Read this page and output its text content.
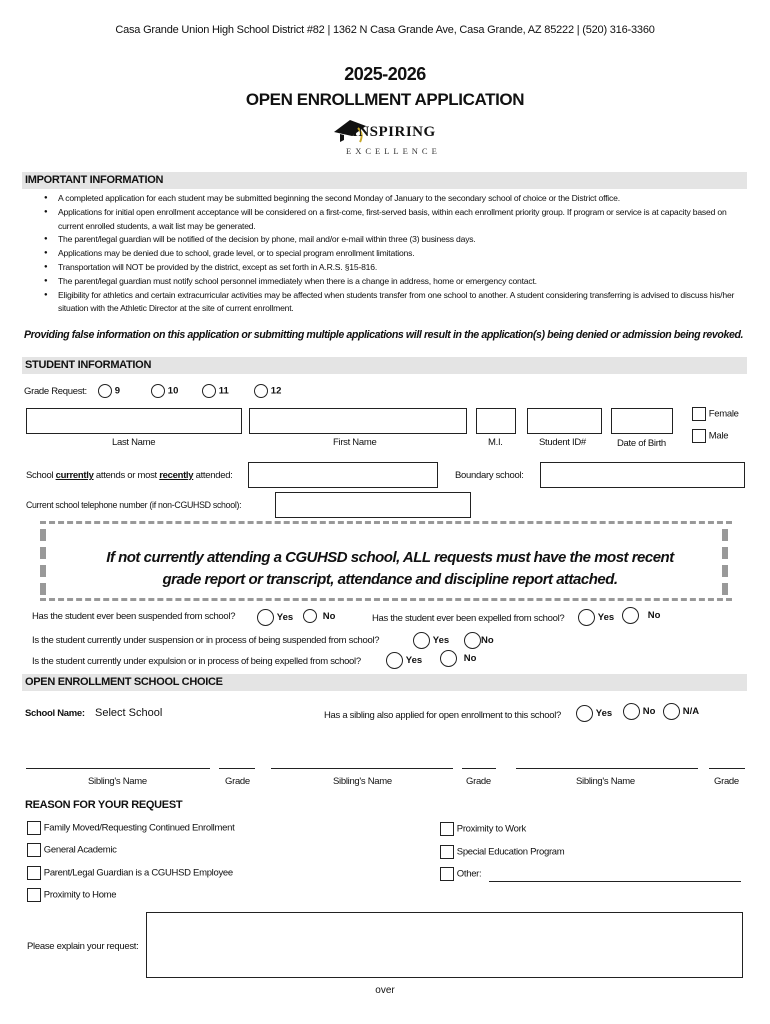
Casa Grande Union High School District #82 | 1362 N Casa Grande Ave, Casa Grande, AZ 85222 | (520) 316-3360
2025-2026
OPEN ENROLLMENT APPLICATION
INSPIRING
EXCELLENCE
IMPORTANT INFORMATION
● A completed application for each student may be submitted beginning the second Monday of January to the secondary school of choice or the District office.
● Applications for initial open enrollment acceptance will be considered on a first-come, first-served basis, within each enrollment priority group. If program or service is at capacity based on current enrolled students, a wait list may be generated.
● The parent/legal guardian will be notified of the decision by phone, mail and/or e-mail within three (3) business days.
● Applications may be denied due to school, grade level, or to special program enrollment limitations.
● Transportation will NOT be provided by the district, except as set forth in A.R.S. §15-816.
● The parent/legal guardian must notify school personnel immediately when there is a change in address, home or emergency contact.
● Eligibility for athletics and certain extracurricular activities may be affected when students transfer from one school to another. A student considering transferring is advised to discuss his/her situation with the Athletic Director at the site of current enrollment.
Providing false information on this application or submitting multiple applications will result in the application(s) being denied or admission being revoked.
STUDENT INFORMATION
Grade Request:	9	10	11	12
Last Name	First Name	M.I.	Student ID#	Date of Birth
Female
Male
School currently attends or most recently attended:	Boundary school:
Current school telephone number (if non-CGUHSD school):
If not currently attending a CGUHSD school, ALL requests must have the most recent
grade report or transcript, attendance and discipline report attached.
Has the student ever been suspended from school?	Yes	No	Has the student ever been expelled from school?	Yes	No
Is the student currently under suspension or in process of being suspended from school?	Yes	No
Is the student currently under expulsion or in process of being expelled from school?	Yes	No
OPEN ENROLLMENT SCHOOL CHOICE
School Name: Select School	Has a sibling also applied for open enrollment to this school?	Yes	No	N/A
Sibling's Name	Grade	Sibling's Name	Grade	Sibling's Name	Grade
REASON FOR YOUR REQUEST
Family Moved/Requesting Continued Enrollment
General Academic
Parent/Legal Guardian is a CGUHSD Employee
Proximity to Home
Proximity to Work
Special Education Program
Other:
Please explain your request:
over
